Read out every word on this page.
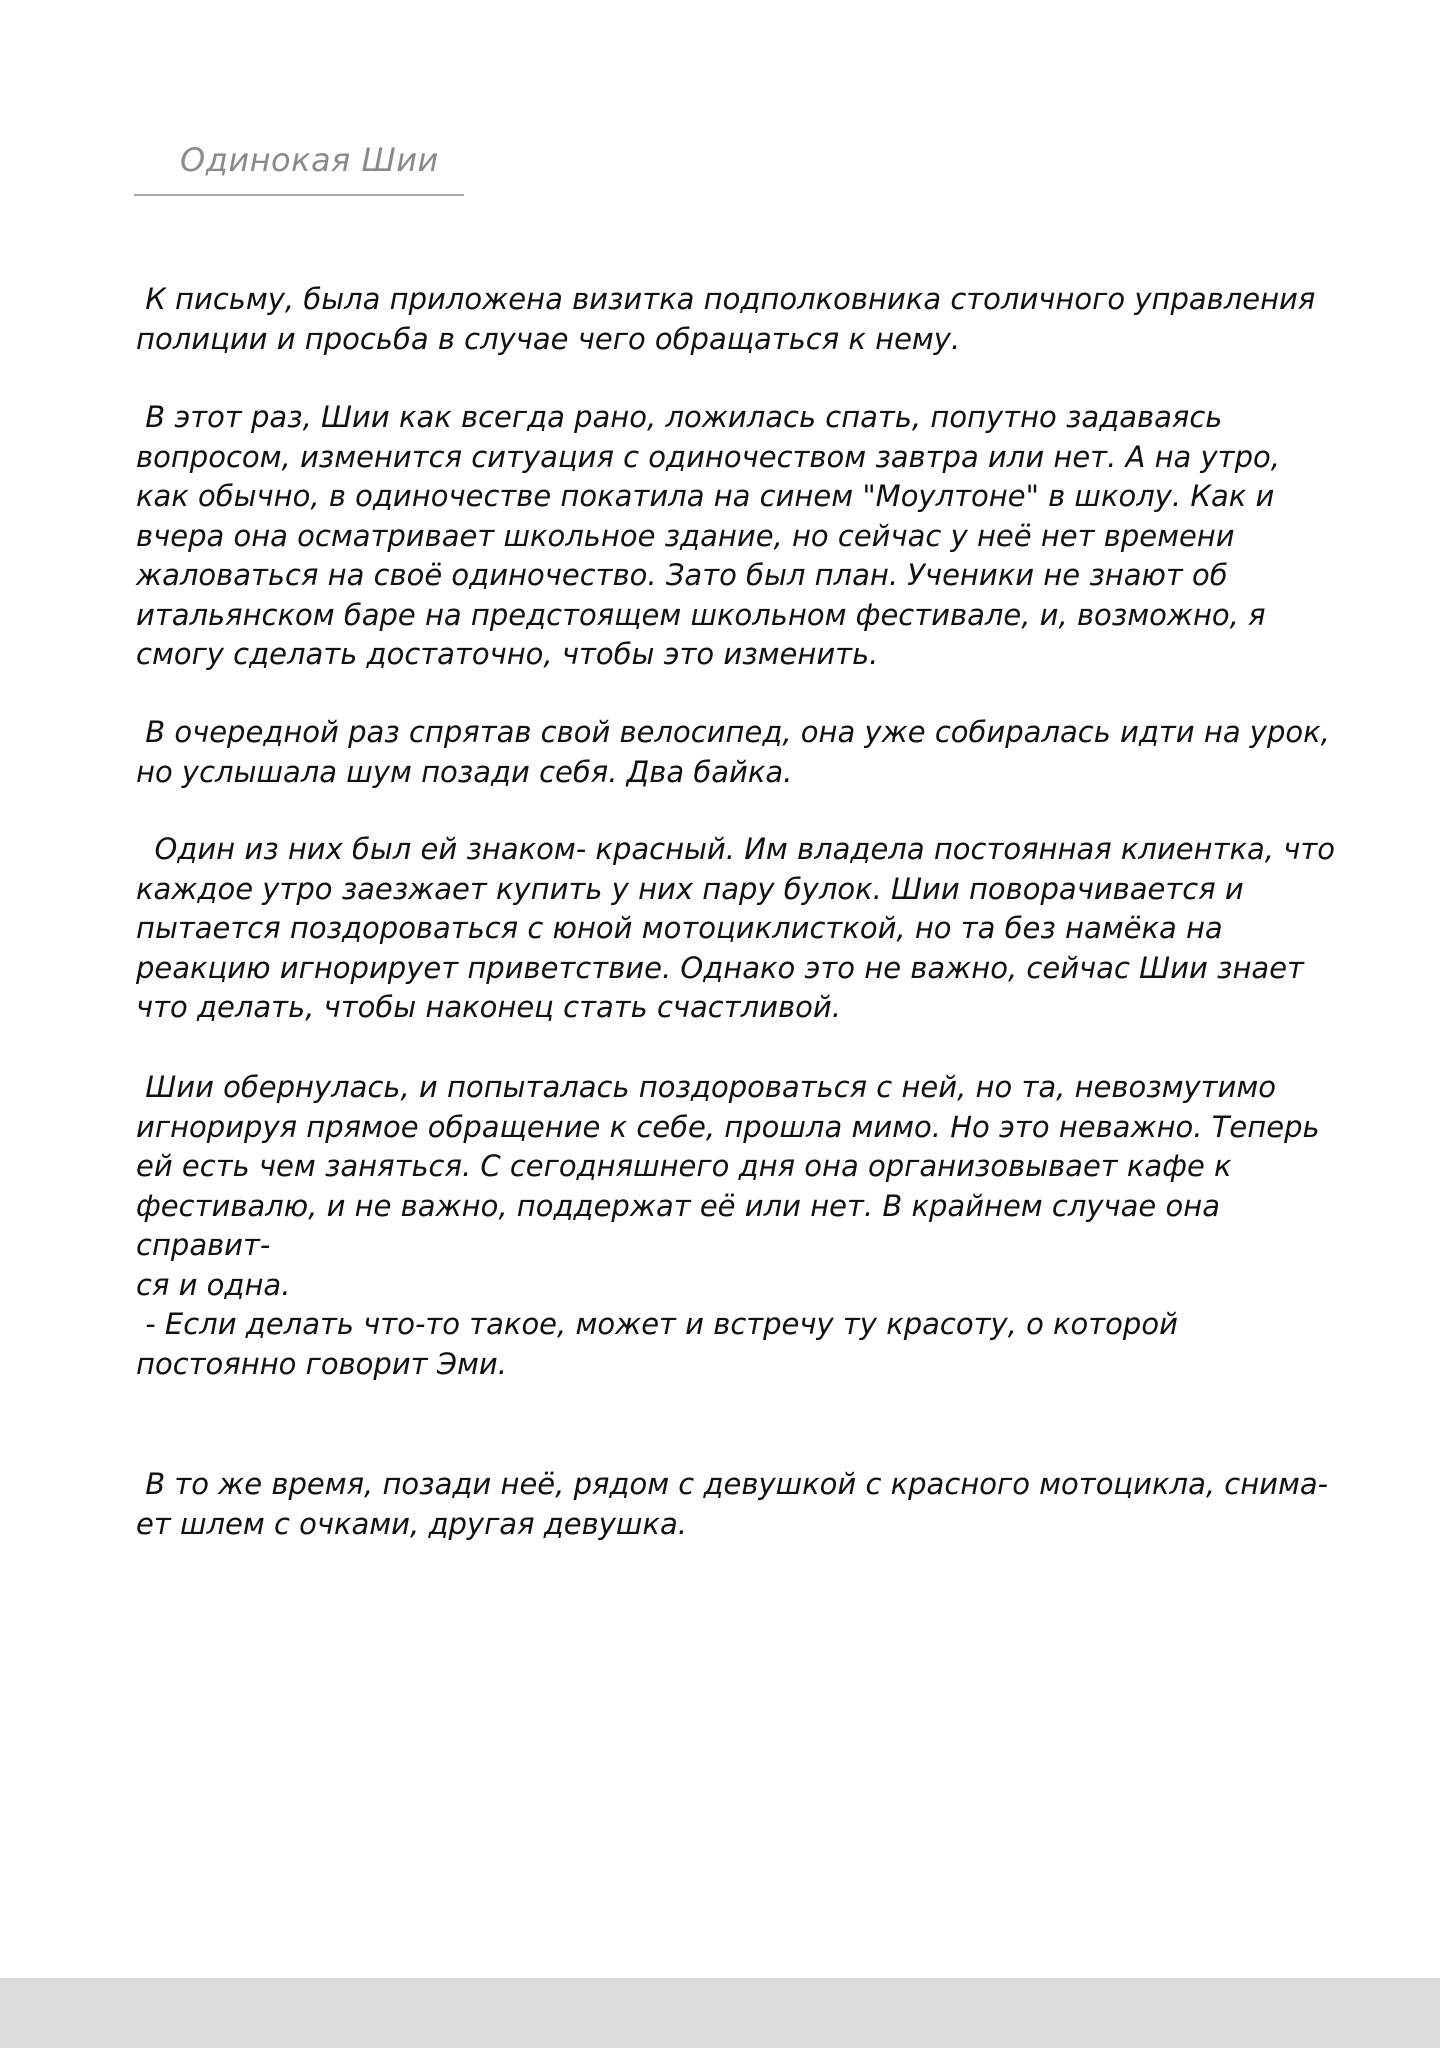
Одинокая Шии

К письму, была приложена визитка подполковника столичного управления
полиции и просьба в случае чего обращаться к нему.

В этот раз, Шии как всегда рано, ложилась спать, попутно задаваясь
вопросом, изменится ситуация с одиночеством завтра или нет. А на утро,
как обычно, в одиночестве покатила на синем "Моултоне" в школу. Как и
вчера она осматривает школьное здание, но сейчас у неё нет времени
жаловаться на своё одиночество. Зато был план. Ученики не знают об
итальянском баре на предстоящем школьном фестивале, и, возможно, я
смогу сделать достаточно, чтобы это изменить.

В очередной раз спрятав свой велосипед, она уже собиралась идти на урок,
но услышала шум позади себя. Два байка.

Один из них был ей знаком- красный. Им владела постоянная клиентка, что
каждое утро заезжает купить у них пару булок. Шии поворачивается и
пытается поздороваться с юной мотоциклисткой, но та без намёка на
реакцию игнорирует приветствие. Однако это не важно, сейчас Шии знает
что делать, чтобы наконец стать счастливой.

Шии обернулась, и попыталась поздороваться с ней, но та, невозмутимо
игнорируя прямое обращение к себе, прошла мимо. Но это неважно. Теперь
ей есть чем заняться. С сегодняшнего дня она организовывает кафе к
фестивалю, и не важно, поддержат её или нет. В крайнем случае она справит-
ся и одна.

- Если делать что-то такое, может и встречу ту красоту, о которой
постоянно говорит Эми.

В то же время, позади неё, рядом с девушкой с красного мотоцикла, снима-
ет шлем с очками, другая девушка.
